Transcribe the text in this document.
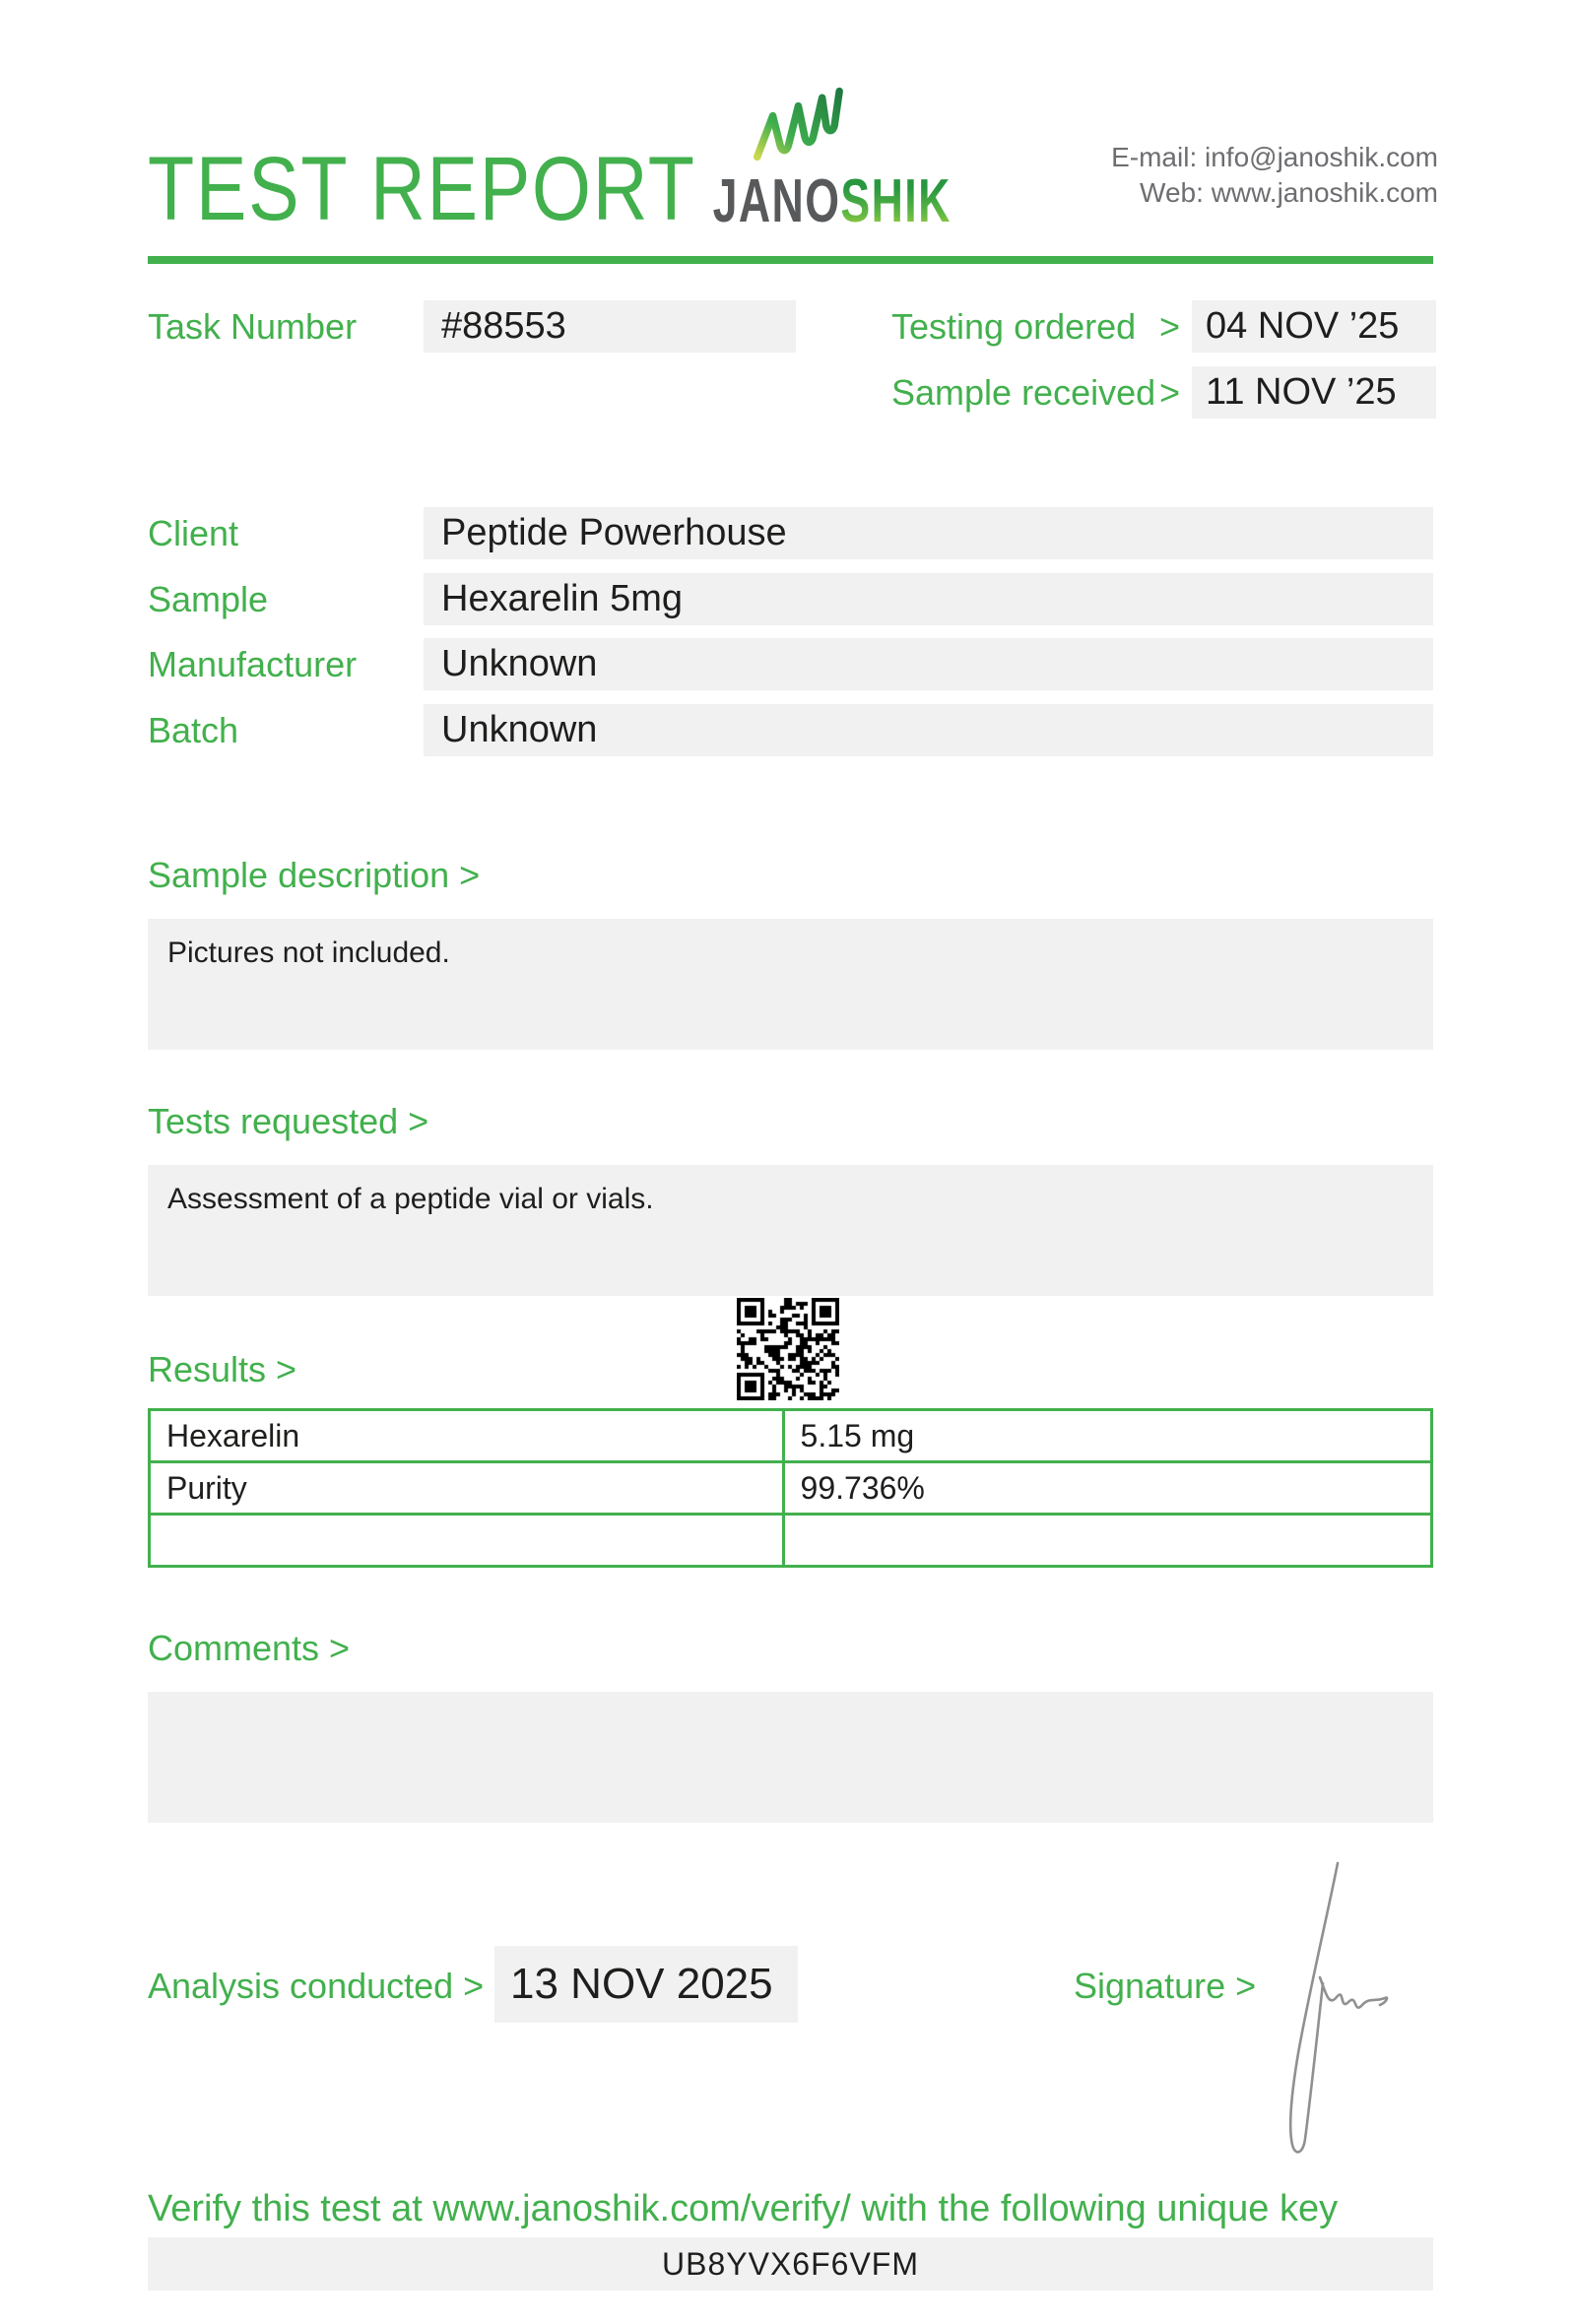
TEST REPORT JANOSHIK
E-mail: info@janoshik.com
Web: www.janoshik.com
Task Number	#88553	Testing ordered > 04 NOV ’25
Sample received > 11 NOV ’25
Client	Peptide Powerhouse
Sample	Hexarelin 5mg
Manufacturer	Unknown
Batch	Unknown
Sample description >
Pictures not included.
Tests requested >
Assessment of a peptide vial or vials.
Results >
Hexarelin	5.15 mg
Purity	99.736%

Comments >
Analysis conducted > 13 NOV 2025	Signature >
Verify this test at www.janoshik.com/verify/ with the following unique key
UB8YVX6F6VFM
